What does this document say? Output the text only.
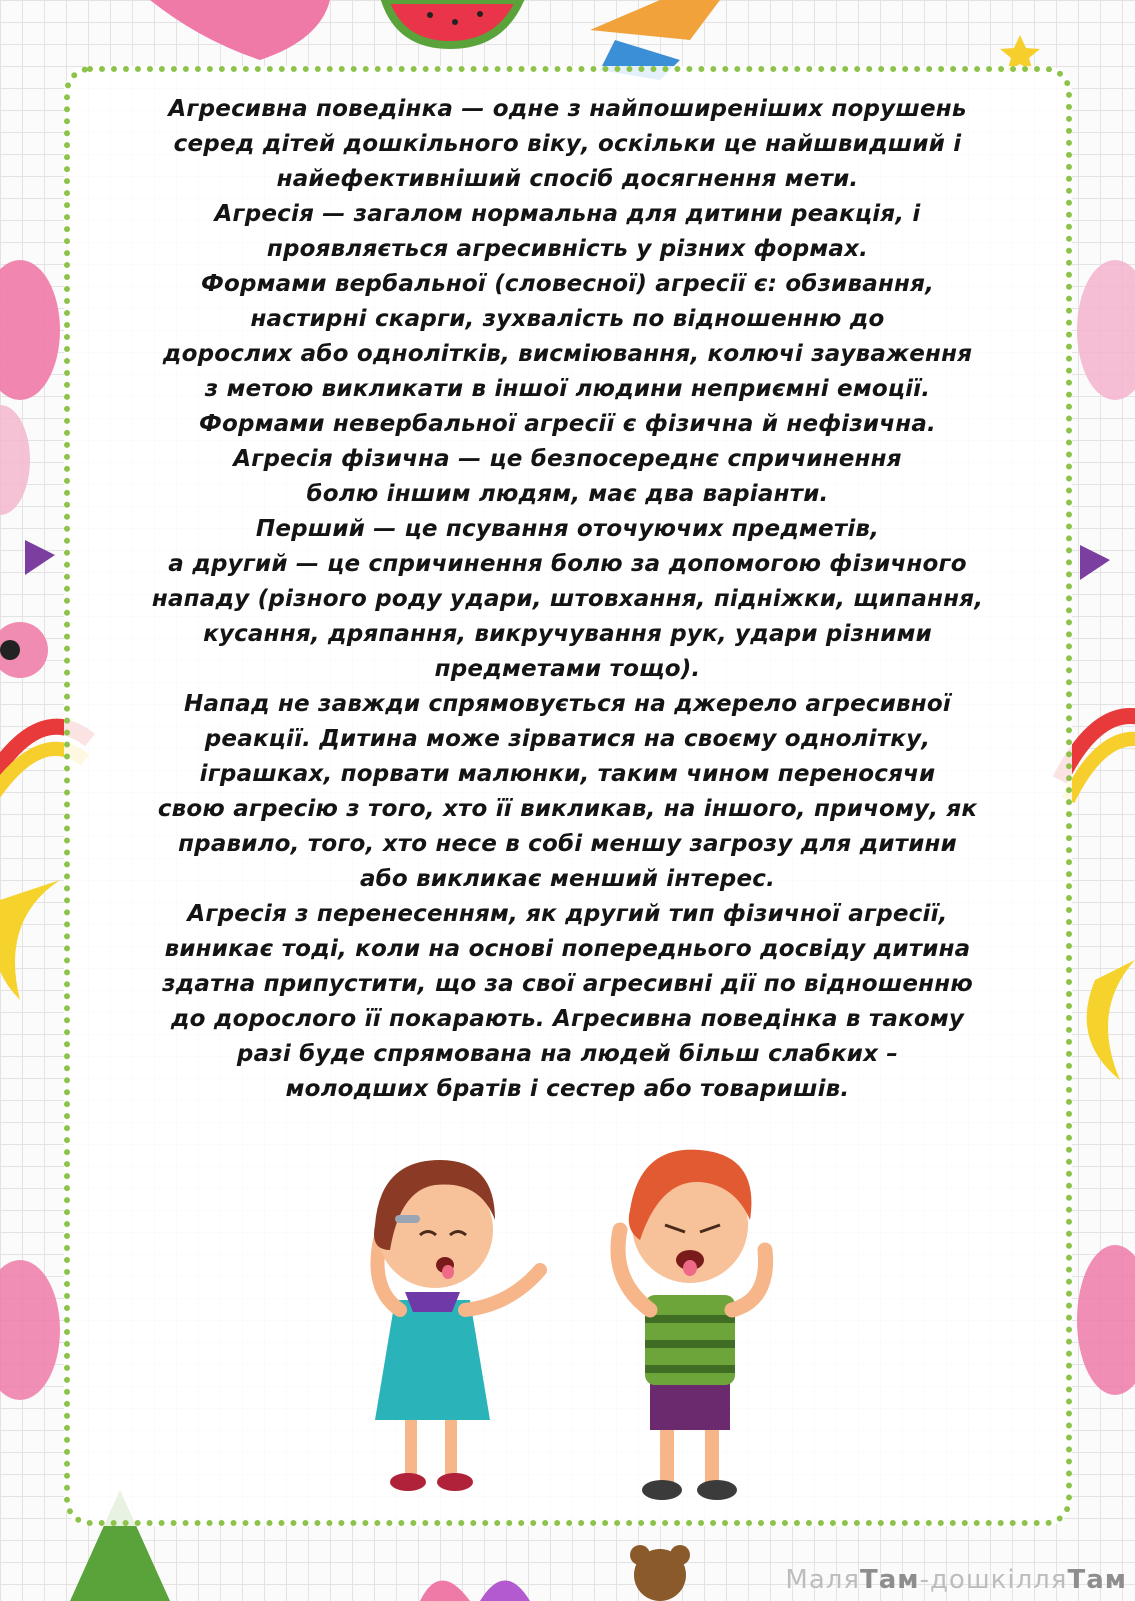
Агресивна поведінка — одне з найпоширеніших порушень
серед дітей дошкільного віку, оскільки це найшвидший і
найефективніший спосіб досягнення мети.
Агресія — загалом нормальна для дитини реакція, і
проявляється агресивність у різних формах.
Формами вербальної (словесної) агресії є: обзивання,
настирні скарги, зухвалість по відношенню до
дорослих або однолітків, висміювання, колючі зауваження
з метою викликати в іншої людини неприємні емоції.
Формами невербальної агресії є фізична й нефізична.
Агресія фізична — це безпосереднє спричинення
болю іншим людям, має два варіанти.
Перший — це псування оточуючих предметів,
а другий — це спричинення болю за допомогою фізичного
нападу (різного роду удари, штовхання, підніжки, щипання,
кусання, дряпання, викручування рук, удари різними
предметами тощо).
Напад не завжди спрямовується на джерело агресивної
реакції. Дитина може зірватися на своєму однолітку,
іграшках, порвати малюнки, таким чином переносячи
свою агресію з того, хто її викликав, на іншого, причому, як
правило, того, хто несе в собі меншу загрозу для дитини
або викликає менший інтерес.
Агресія з перенесенням, як другий тип фізичної агресії,
виникає тоді, коли на основі попереднього досвіду дитина
здатна припустити, що за свої агресивні дії по відношенню
до дорослого її покарають. Агресивна поведінка в такому
разі буде спрямована на людей більш слабких –
молодших братів і сестер або товаришів.
МаляТам-дошкілляТам
